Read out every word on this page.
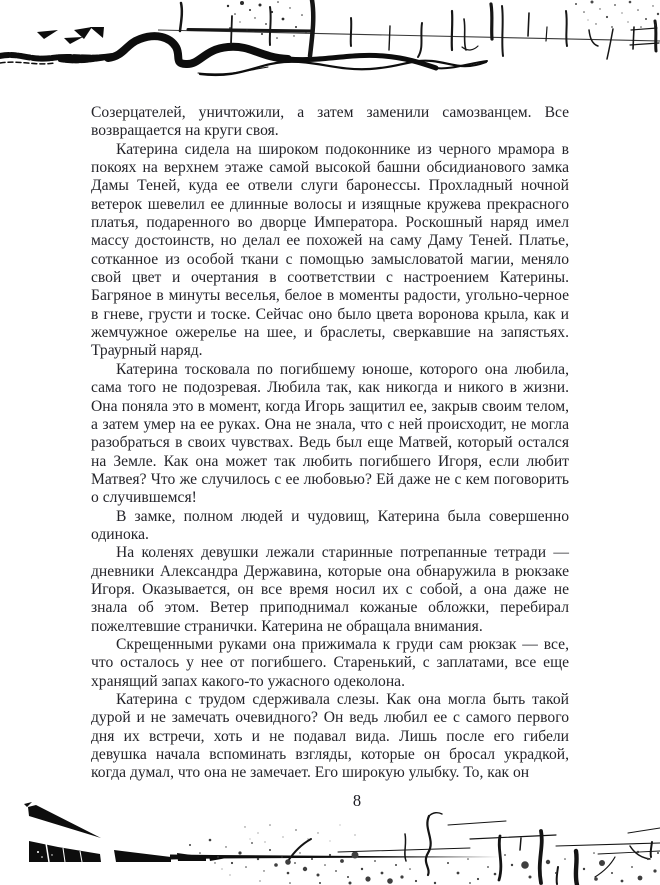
Созерцателей, уничтожили, а затем заменили самозванцем. Все возвращается на круги своя.

Катерина сидела на широком подоконнике из черного мрамора в покоях на верхнем этаже самой высокой башни обсидианового замка Дамы Теней, куда ее отвели слуги баронессы. Прохладный ночной ветерок шевелил ее длинные волосы и изящные кружева прекрасного платья, подаренного во дворце Императора. Роскошный наряд имел массу достоинств, но делал ее похожей на саму Даму Теней. Платье, сотканное из особой ткани с помощью замысловатой магии, меняло свой цвет и очертания в соответствии с настроением Катерины. Багряное в минуты веселья, белое в моменты радости, угольно-черное в гневе, грусти и тоске. Сейчас оно было цвета воронова крыла, как и жемчужное ожерелье на шее, и браслеты, сверкавшие на запястьях. Траурный наряд.

Катерина тосковала по погибшему юноше, которого она любила, сама того не подозревая. Любила так, как никогда и никого в жизни. Она поняла это в момент, когда Игорь защитил ее, закрыв своим телом, а затем умер на ее руках. Она не знала, что с ней происходит, не могла разобраться в своих чувствах. Ведь был еще Матвей, который остался на Земле. Как она может так любить погибшего Игоря, если любит Матвея? Что же случилось с ее любовью? Ей даже не с кем поговорить о случившемся!

В замке, полном людей и чудовищ, Катерина была совершенно одинока.

На коленях девушки лежали старинные потрепанные тетради — дневники Александра Державина, которые она обнаружила в рюкзаке Игоря. Оказывается, он все время носил их с собой, а она даже не знала об этом. Ветер приподнимал кожаные обложки, перебирал пожелтевшие странички. Катерина не обращала внимания.

Скрещенными руками она прижимала к груди сам рюкзак — все, что осталось у нее от погибшего. Старенький, с заплатами, все еще хранящий запах какого-то ужасного одеколона.

Катерина с трудом сдерживала слезы. Как она могла быть такой дурой и не замечать очевидного? Он ведь любил ее с самого первого дня их встречи, хоть и не подавал вида. Лишь после его гибели девушка начала вспоминать взгляды, которые он бросал украдкой, когда думал, что она не замечает. Его широкую улыбку. То, как он

8
